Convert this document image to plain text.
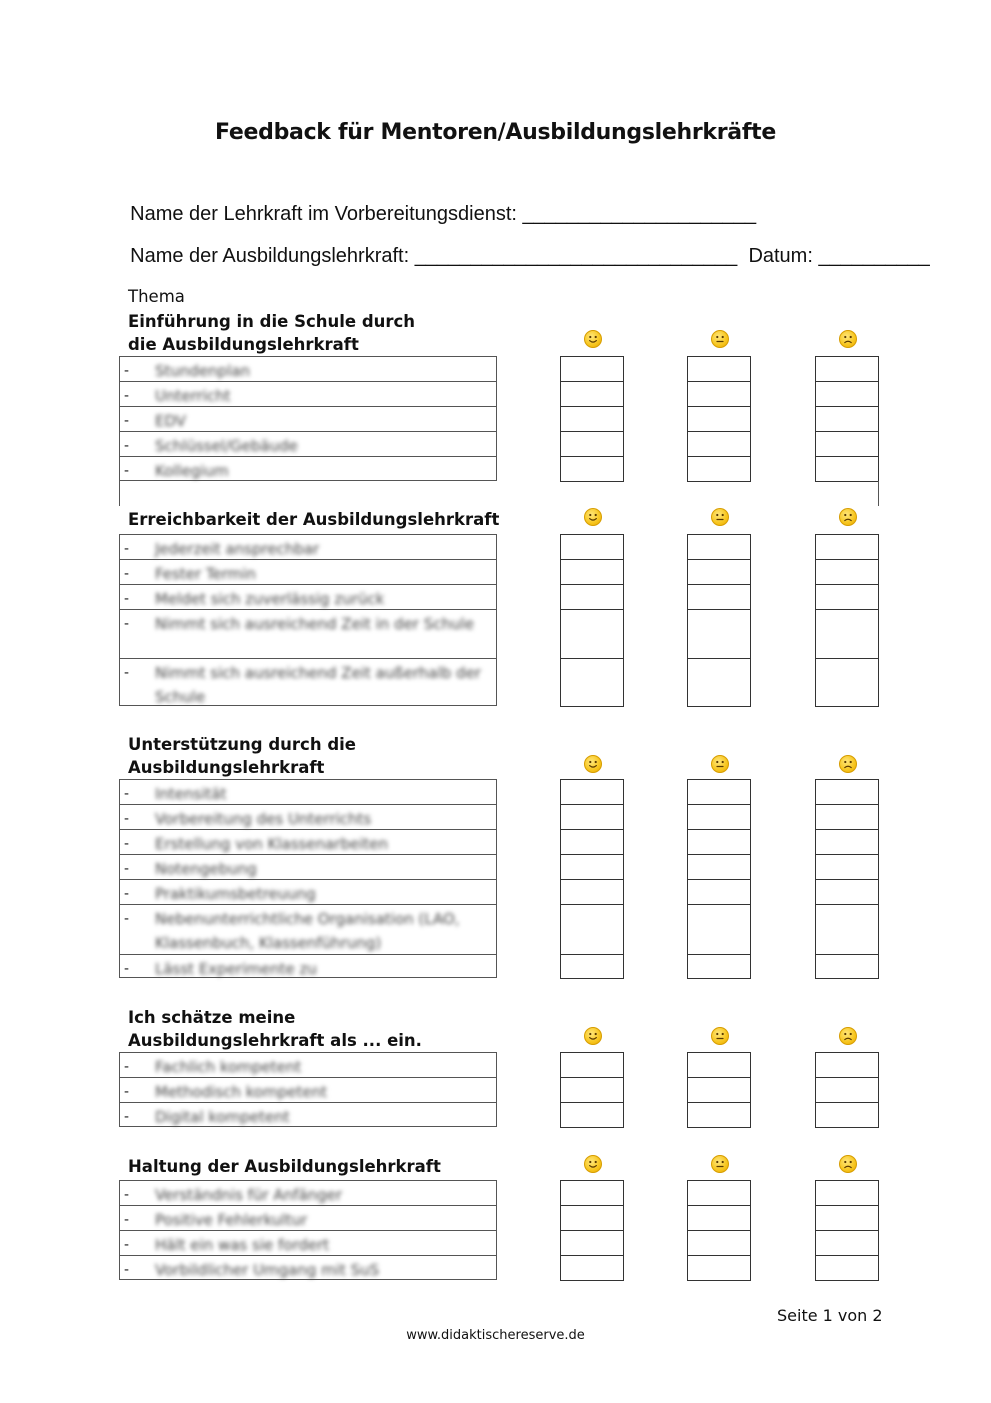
Feedback für Mentoren/Ausbildungslehrkräfte

Name der Lehrkraft im Vorbereitungsdienst: _____________________

Name der Ausbildungslehrkraft: _____________________________ Datum: __________

Thema
Einführung in die Schule durch die Ausbildungslehrkraft
- Stundenplan
- Unterricht
- EDV
- Schlüssel/Gebäude
- Kollegium
Erreichbarkeit der Ausbildungslehrkraft
- Jederzeit ansprechbar
- Fester Termin
- Meldet sich zuverlässig zurück
- Nimmt sich ausreichend Zeit in der Schule
- Nimmt sich ausreichend Zeit außerhalb der Schule
Unterstützung durch die Ausbildungslehrkraft
- Intensität
- Vorbereitung des Unterrichts
- Erstellung von Klassenarbeiten
- Notengebung
- Praktikumsbetreuung
- Nebenunterrichtliche Organisation (LAO, Klassenbuch, Klassenführung)
- Lässt Experimente zu
Ich schätze meine Ausbildungslehrkraft als ... ein.
- Fachlich kompetent
- Methodisch kompetent
- Digital kompetent
Haltung der Ausbildungslehrkraft
- Verständnis für Anfänger
- Positive Fehlerkultur
- Hält ein was sie fordert
- Vorbildlicher Umgang mit SuS
Seite 1 von 2
www.didaktischereserve.de
